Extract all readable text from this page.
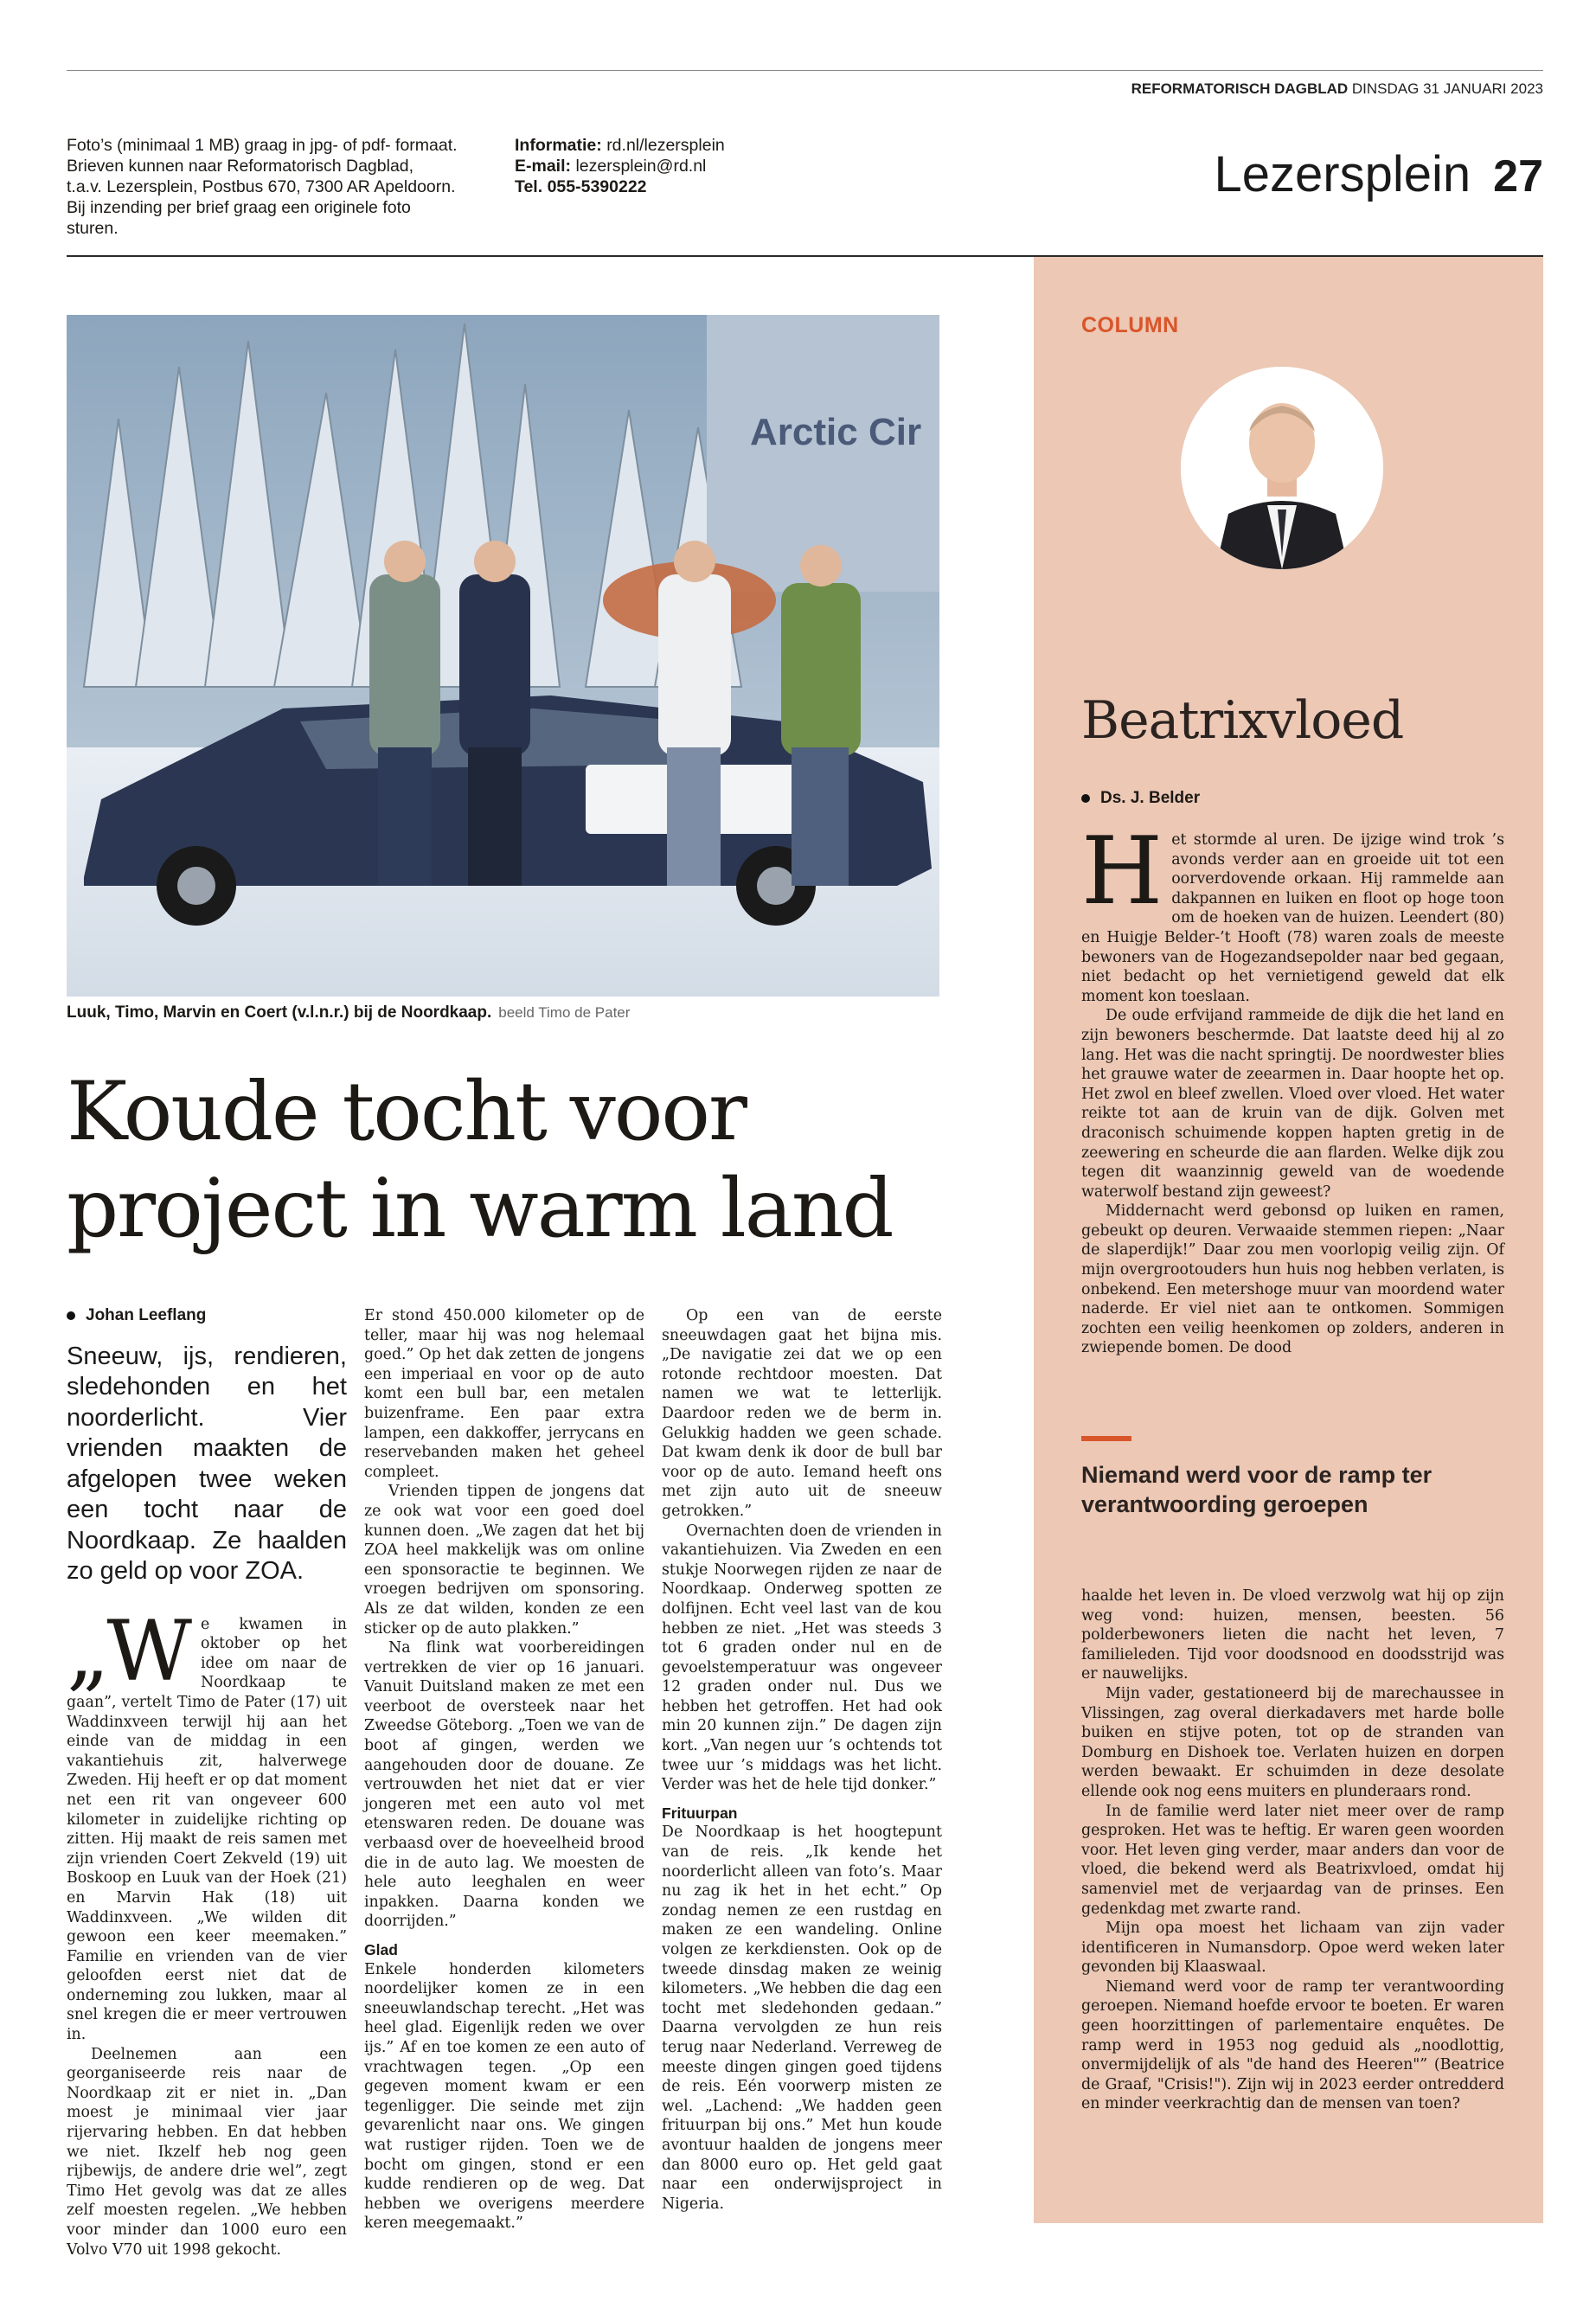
REFORMATORISCH DAGBLAD DINSDAG 31 JANUARI 2023
Foto’s (minimaal 1 MB) graag in jpg- of pdf- formaat.
Brieven kunnen naar Reformatorisch Dagblad,
t.a.v. Lezersplein, Postbus 670, 7300 AR Apeldoorn.
Bij inzending per brief graag een originele foto
sturen.
Informatie: rd.nl/lezersplein
E-mail: lezersplein@rd.nl
Tel. 055-5390222	Lezersplein 27
Arctic Cir
Luuk, Timo, Marvin en Coert (v.l.n.r.) bij de Noordkaap. beeld Timo de Pater
Koude tocht voor
project in warm land
Johan Leeflang
Sneeuw, ijs, rendieren, sledehonden en het noorderlicht. Vier vrienden maakten de afgelopen twee weken een tocht naar de Noordkaap. Ze haalden zo geld op voor ZOA.

„We kwamen in oktober op het idee om naar de Noordkaap te gaan”, vertelt Timo de Pater (17) uit Waddinxveen terwijl hij aan het einde van de middag in een vakantiehuis zit, halverwege Zweden. Hij heeft er op dat moment net een rit van ongeveer 600 kilometer in zuidelijke richting op zitten. Hij maakt de reis samen met zijn vrienden Coert Zekveld (19) uit Boskoop en Luuk van der Hoek (21) en Marvin Hak (18) uit Waddinxveen. „We wilden dit gewoon een keer meemaken.” Familie en vrienden van de vier geloofden eerst niet dat de onderneming zou lukken, maar al snel kregen die er meer vertrouwen in.

Deelnemen aan een georganiseerde reis naar de Noordkaap zit er niet in. „Dan moest je minimaal vier jaar rijervaring hebben. En dat hebben we niet. Ikzelf heb nog geen rijbewijs, de andere drie wel”, zegt Timo Het gevolg was dat ze alles zelf moesten regelen. „We hebben voor minder dan 1000 euro een Volvo V70 uit 1998 gekocht.

Er stond 450.000 kilometer op de teller, maar hij was nog helemaal goed.” Op het dak zetten de jongens een imperiaal en voor op de auto komt een bull bar, een metalen buizenframe. Een paar extra lampen, een dakkoffer, jerrycans en reservebanden maken het geheel compleet.

Vrienden tippen de jongens dat ze ook wat voor een goed doel kunnen doen. „We zagen dat het bij ZOA heel makkelijk was om online een sponsoractie te beginnen. We vroegen bedrijven om sponsoring. Als ze dat wilden, konden ze een sticker op de auto plakken.”

Na flink wat voorbereidingen vertrekken de vier op 16 januari. Vanuit Duitsland maken ze met een veerboot de oversteek naar het Zweedse Göteborg. „Toen we van de boot af gingen, werden we aangehouden door de douane. Ze vertrouwden het niet dat er vier jongeren met een auto vol met etenswaren reden. De douane was verbaasd over de hoeveelheid brood die in de auto lag. We moesten de hele auto leeghalen en weer inpakken. Daarna konden we doorrijden.”

Glad

Enkele honderden kilometers noordelijker komen ze in een sneeuwlandschap terecht. „Het was heel glad. Eigenlijk reden we over ijs.” Af en toe komen ze een auto of vrachtwagen tegen. „Op een gegeven moment kwam er een tegenligger. Die seinde met zijn gevarenlicht naar ons. We gingen wat rustiger rijden. Toen we de bocht om gingen, stond er een kudde rendieren op de weg. Dat hebben we overigens meerdere keren meegemaakt.”

Op een van de eerste sneeuwdagen gaat het bijna mis. „De navigatie zei dat we op een rotonde rechtdoor moesten. Dat namen we wat te letterlijk. Daardoor reden we de berm in. Gelukkig hadden we geen schade. Dat kwam denk ik door de bull bar voor op de auto. Iemand heeft ons met zijn auto uit de sneeuw getrokken.”

Overnachten doen de vrienden in vakantiehuizen. Via Zweden en een stukje Noorwegen rijden ze naar de Noordkaap. Onderweg spotten ze dolfijnen. Echt veel last van de kou hebben ze niet. „Het was steeds 3 tot 6 graden onder nul en de gevoelstemperatuur was ongeveer 12 graden onder nul. Dus we hebben het getroffen. Het had ook min 20 kunnen zijn.” De dagen zijn kort. „Van negen uur ’s ochtends tot twee uur ’s middags was het licht. Verder was het de hele tijd donker.”

Frituurpan

De Noordkaap is het hoogtepunt van de reis. „Ik kende het noorderlicht alleen van foto’s. Maar nu zag ik het in het echt.” Op zondag nemen ze een rustdag en maken ze een wandeling. Online volgen ze kerkdiensten. Ook op de tweede dinsdag maken ze weinig kilometers. „We hebben die dag een tocht met sledehonden gedaan.” Daarna vervolgden ze hun reis terug naar Nederland. Verreweg de meeste dingen gingen goed tijdens de reis. Eén voorwerp misten ze wel. „Lachend: „We hadden geen frituurpan bij ons.” Met hun koude avontuur haalden de jongens meer dan 8000 euro op. Het geld gaat naar een onderwijsproject in Nigeria.

COLUMN
Beatrixvloed
Ds. J. Belder

Het stormde al uren. De ijzige wind trok ’s avonds verder aan en groeide uit tot een oorverdovende orkaan. Hij rammelde aan dakpannen en luiken en floot op hoge toon om de hoeken van de huizen. Leendert (80) en Huigje Belder-’t Hooft (78) waren zoals de meeste bewoners van de Hogezandsepolder naar bed gegaan, niet bedacht op het vernietigend geweld dat elk moment kon toeslaan.

De oude erfvijand rammeide de dijk die het land en zijn bewoners beschermde. Dat laatste deed hij al zo lang. Het was die nacht springtij. De noordwester blies het grauwe water de zeearmen in. Daar hoopte het op. Het zwol en bleef zwellen. Vloed over vloed. Het water reikte tot aan de kruin van de dijk. Golven met draconisch schuimende koppen hapten gretig in de zeewering en scheurde die aan flarden. Welke dijk zou tegen dit waanzinnig geweld van de woedende waterwolf bestand zijn geweest?

Middernacht werd gebonsd op luiken en ramen, gebeukt op deuren. Verwaaide stemmen riepen: „Naar de slaperdijk!” Daar zou men voorlopig veilig zijn. Of mijn overgrootouders hun huis nog hebben verlaten, is onbekend. Een metershoge muur van moordend water naderde. Er viel niet aan te ontkomen. Sommigen zochten een veilig heenkomen op zolders, anderen in zwiepende bomen. De dood

Niemand werd voor de ramp ter verantwoording geroepen

haalde het leven in. De vloed verzwolg wat hij op zijn weg vond: huizen, mensen, beesten. 56 polderbewoners lieten die nacht het leven, 7 familieleden. Tijd voor doodsnood en doodsstrijd was er nauwelijks.

Mijn vader, gestationeerd bij de marechaussee in Vlissingen, zag overal dierkadavers met harde bolle buiken en stijve poten, tot op de stranden van Domburg en Dishoek toe. Verlaten huizen en dorpen werden bewaakt. Er schuimden in deze desolate ellende ook nog eens muiters en plunderaars rond.

In de familie werd later niet meer over de ramp gesproken. Het was te heftig. Er waren geen woorden voor. Het leven ging verder, maar anders dan voor de vloed, die bekend werd als Beatrixvloed, omdat hij samenviel met de verjaardag van de prinses. Een gedenkdag met zwarte rand.

Mijn opa moest het lichaam van zijn vader identificeren in Numansdorp. Opoe werd weken later gevonden bij Klaaswaal.

Niemand werd voor de ramp ter verantwoording geroepen. Niemand hoefde ervoor te boeten. Er waren geen hoorzittingen of parlementaire enquêtes. De ramp werd in 1953 nog geduid als „noodlottig, onvermijdelijk of als "de hand des Heeren"” (Beatrice de Graaf, "Crisis!"). Zijn wij in 2023 eerder ontredderd en minder veerkrachtig dan de mensen van toen?
